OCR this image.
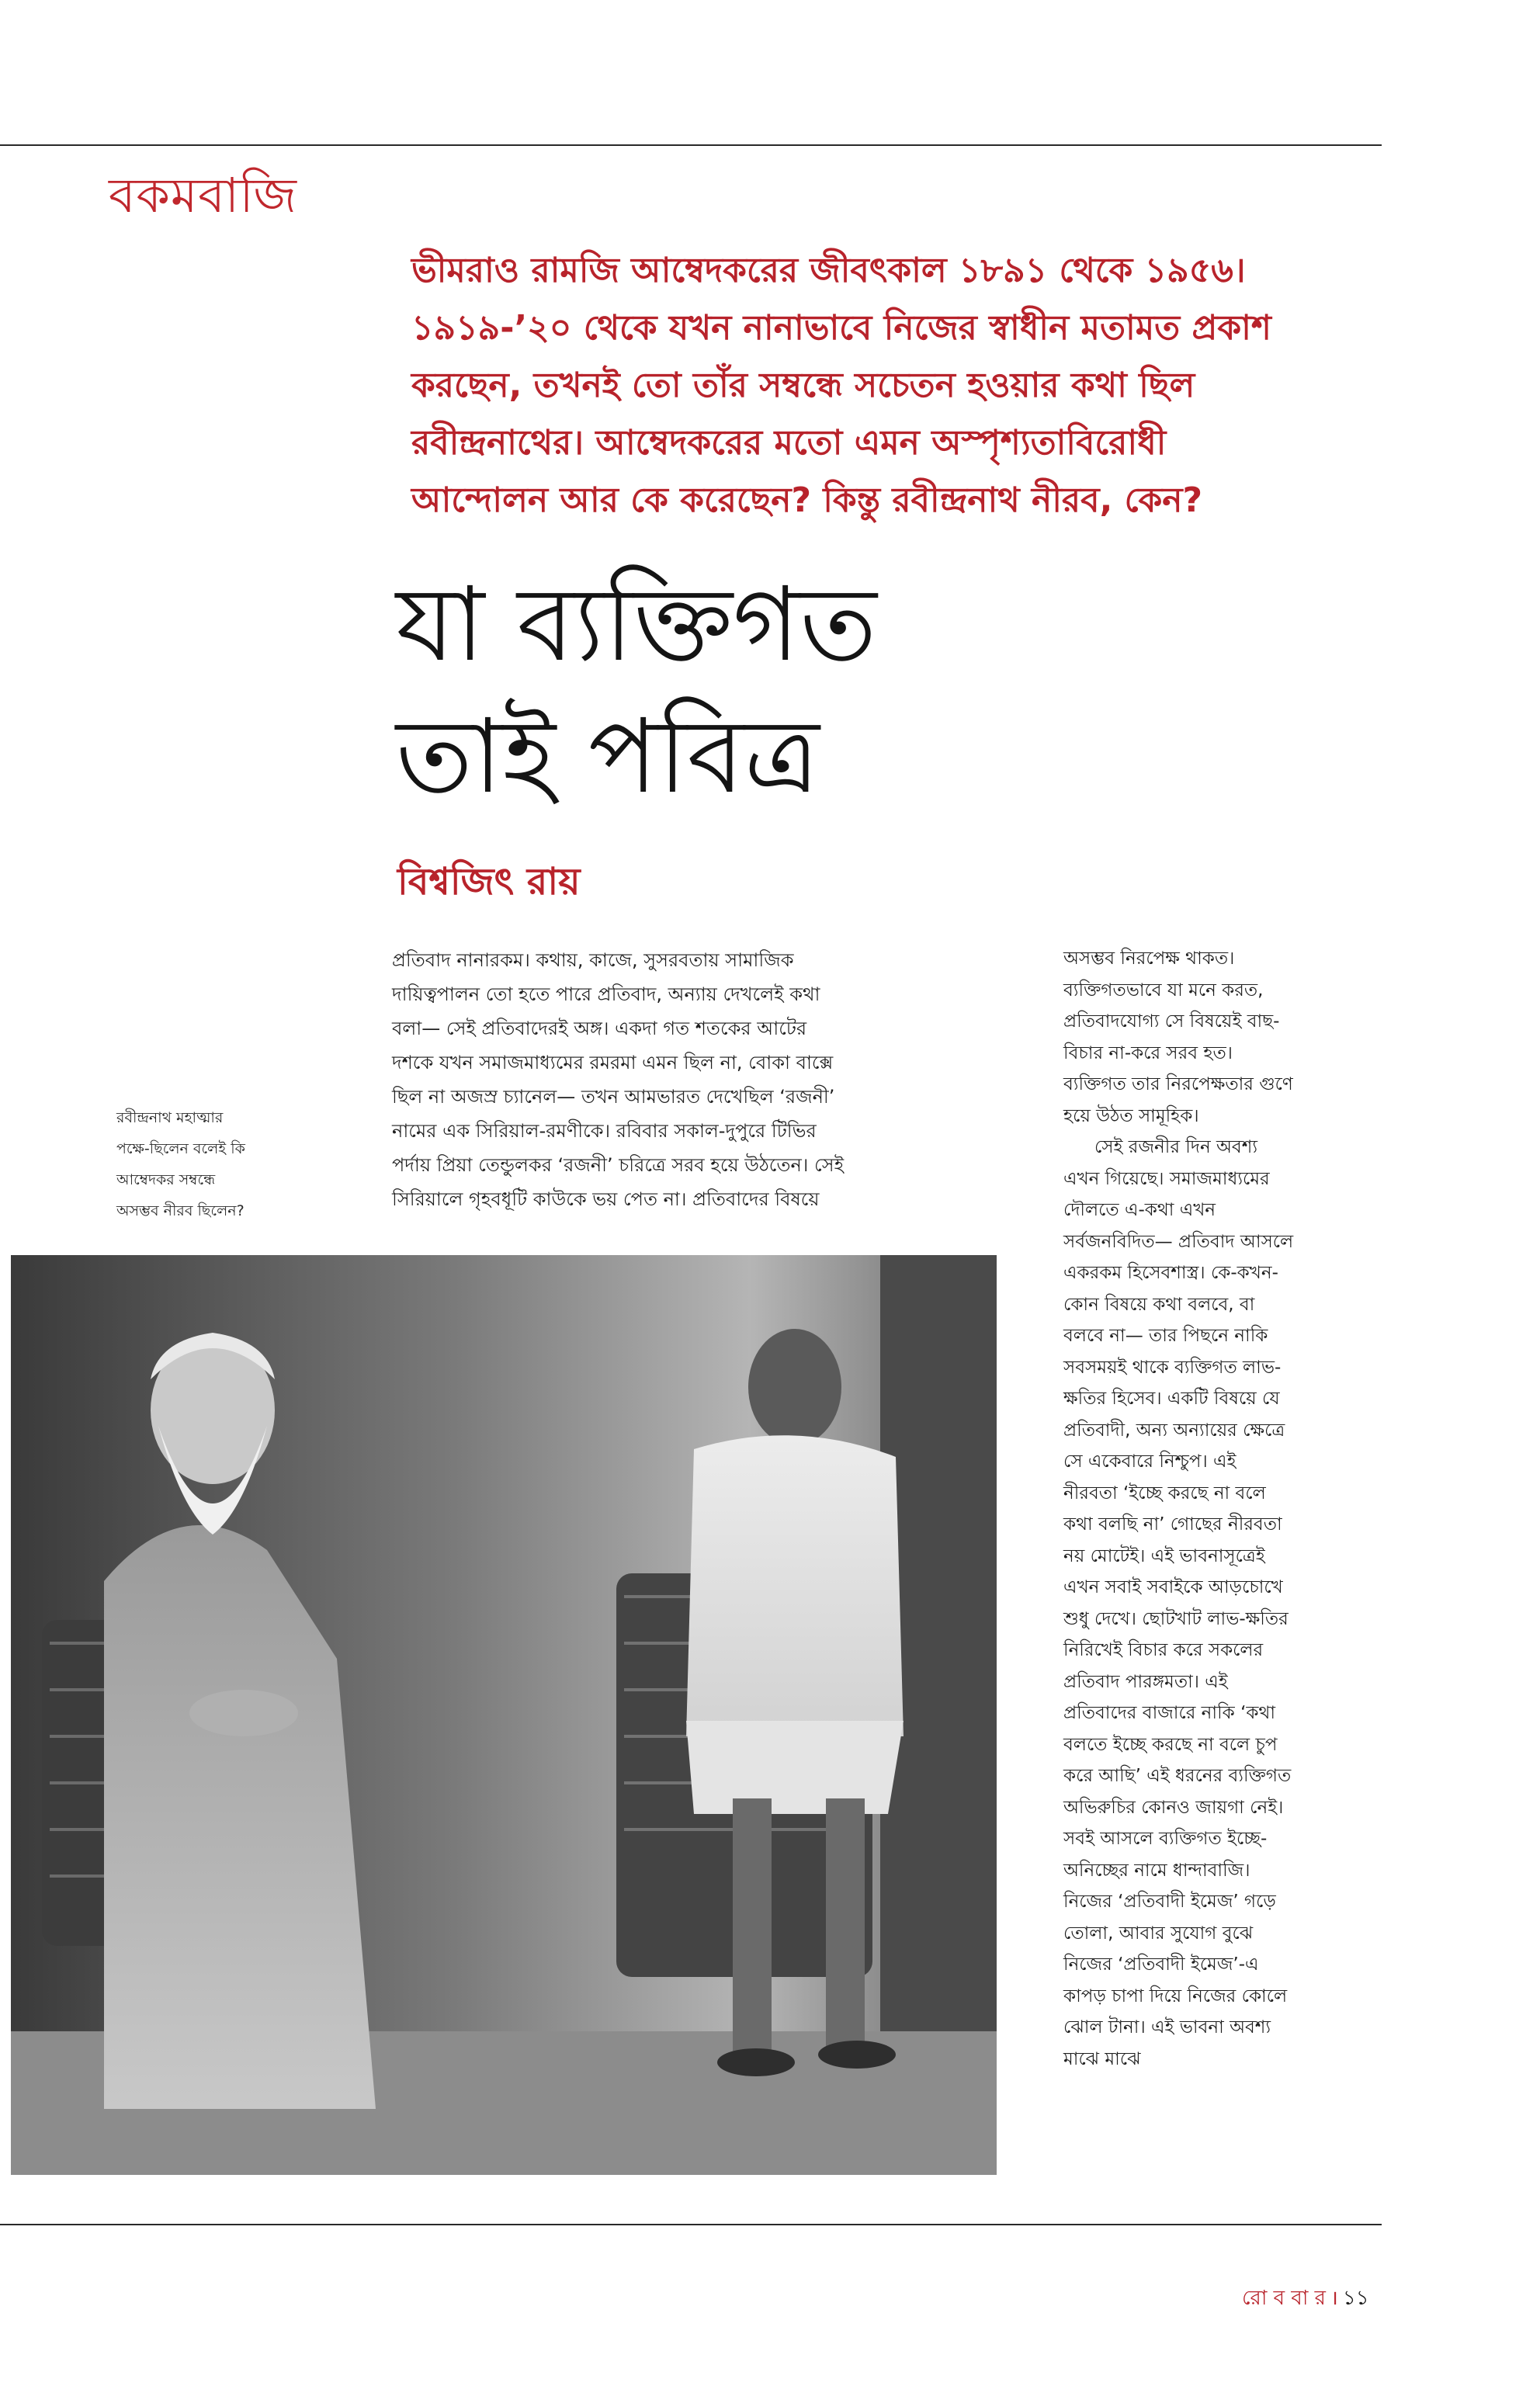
বকমবাজি

ভীমরাও রামজি আম্বেদকরের জীবৎকাল ১৮৯১ থেকে ১৯৫৬।
১৯১৯-’২০ থেকে যখন নানাভাবে নিজের স্বাধীন মতামত প্রকাশ
করছেন, তখনই তো তাঁর সম্বন্ধে সচেতন হওয়ার কথা ছিল
রবীন্দ্রনাথের। আম্বেদকরের মতো এমন অস্পৃশ্যতাবিরোধী
আন্দোলন আর কে করেছেন? কিন্তু রবীন্দ্রনাথ নীরব, কেন?

যা ব্যক্তিগত
তাই পবিত্র
বিশ্বজিৎ রায়
প্রতিবাদ নানারকম। কথায়, কাজে, সুসরবতায় সামাজিক
দায়িত্বপালন তো হতে পারে প্রতিবাদ, অন্যায় দেখলেই কথা
বলা— সেই প্রতিবাদেরই অঙ্গ। একদা গত শতকের আটের
দশকে যখন সমাজমাধ্যমের রমরমা এমন ছিল না, বোকা বাক্সে
ছিল না অজস্র চ্যানেল— তখন আমভারত দেখেছিল ‘রজনী’
নামের এক সিরিয়াল-রমণীকে। রবিবার সকাল-দুপুরে টিভির
পর্দায় প্রিয়া তেন্ডুলকর ‘রজনী’ চরিত্রে সরব হয়ে উঠতেন। সেই
সিরিয়ালে গৃহবধূটি কাউকে ভয় পেত না। প্রতিবাদের বিষয়ে
রবীন্দ্রনাথ মহাত্মার
পক্ষে-ছিলেন বলেই কি
আম্বেদকর সম্বন্ধে
অসম্ভব নীরব ছিলেন?
অসম্ভব নিরপেক্ষ থাকত।
ব্যক্তিগতভাবে যা মনে করত,
প্রতিবাদযোগ্য সে বিষয়েই বাছ-
বিচার না-করে সরব হত।
ব্যক্তিগত তার নিরপেক্ষতার গুণে
হয়ে উঠত সামূহিক।
সেই রজনীর দিন অবশ্য
এখন গিয়েছে। সমাজমাধ্যমের
দৌলতে এ-কথা এখন
সর্বজনবিদিত— প্রতিবাদ আসলে
একরকম হিসেবশাস্ত্র। কে-কখন-
কোন বিষয়ে কথা বলবে, বা
বলবে না— তার পিছনে নাকি
সবসময়ই থাকে ব্যক্তিগত লাভ-
ক্ষতির হিসেব। একটি বিষয়ে যে
প্রতিবাদী, অন্য অন্যায়ের ক্ষেত্রে
সে একেবারে নিশ্চুপ। এই
নীরবতা ‘ইচ্ছে করছে না বলে
কথা বলছি না’ গোছের নীরবতা
নয় মোটেই। এই ভাবনাসূত্রেই
এখন সবাই সবাইকে আড়চোখে
শুধু দেখে। ছোটখাট লাভ-ক্ষতির
নিরিখেই বিচার করে সকলের
প্রতিবাদ পারঙ্গমতা। এই
প্রতিবাদের বাজারে নাকি ‘কথা
বলতে ইচ্ছে করছে না বলে চুপ
করে আছি’ এই ধরনের ব্যক্তিগত
অভিরুচির কোনও জায়গা নেই।
সবই আসলে ব্যক্তিগত ইচ্ছে-
অনিচ্ছের নামে ধান্দাবাজি।
নিজের ‘প্রতিবাদী ইমেজ’ গড়ে
তোলা, আবার সুযোগ বুঝে
নিজের ‘প্রতিবাদী ইমেজ’-এ
কাপড় চাপা দিয়ে নিজের কোলে
ঝোল টানা। এই ভাবনা অবশ্য
মাঝে মাঝে
রো ব বা র । ১১
